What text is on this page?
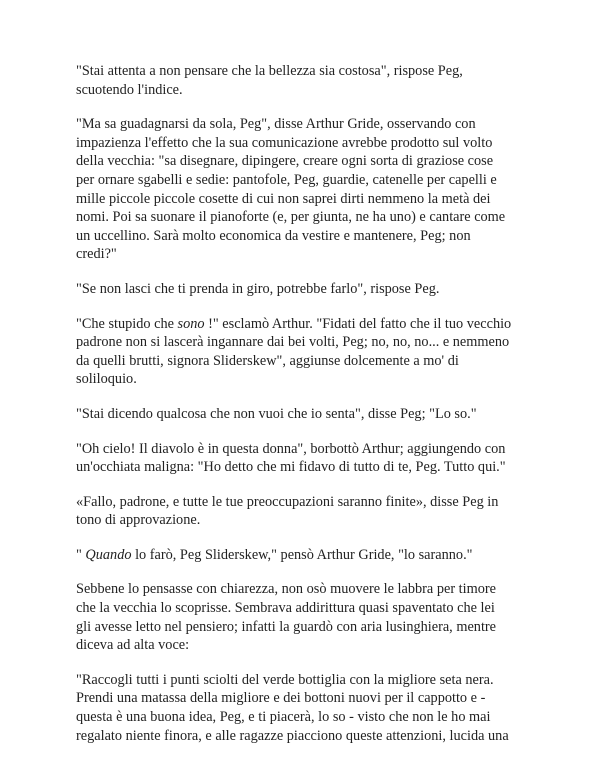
"Stai attenta a non pensare che la bellezza sia costosa", rispose Peg,
scuotendo l'indice.

"Ma sa guadagnarsi da sola, Peg", disse Arthur Gride, osservando con
impazienza l'effetto che la sua comunicazione avrebbe prodotto sul volto
della vecchia: "sa disegnare, dipingere, creare ogni sorta di graziose cose
per ornare sgabelli e sedie: pantofole, Peg, guardie, catenelle per capelli e
mille piccole piccole cosette di cui non saprei dirti nemmeno la metà dei
nomi. Poi sa suonare il pianoforte (e, per giunta, ne ha uno) e cantare come
un uccellino. Sarà molto economica da vestire e mantenere, Peg; non
credi?"

"Se non lasci che ti prenda in giro, potrebbe farlo", rispose Peg.

"Che stupido che sono !" esclamò Arthur. "Fidati del fatto che il tuo vecchio
padrone non si lascerà ingannare dai bei volti, Peg; no, no, no... e nemmeno
da quelli brutti, signora Sliderskew", aggiunse dolcemente a mo' di
soliloquio.

"Stai dicendo qualcosa che non vuoi che io senta", disse Peg; "Lo so."

"Oh cielo! Il diavolo è in questa donna", borbottò Arthur; aggiungendo con
un'occhiata maligna: "Ho detto che mi fidavo di tutto di te, Peg. Tutto qui."

«Fallo, padrone, e tutte le tue preoccupazioni saranno finite», disse Peg in
tono di approvazione.

" Quando lo farò, Peg Sliderskew," pensò Arthur Gride, "lo saranno."

Sebbene lo pensasse con chiarezza, non osò muovere le labbra per timore
che la vecchia lo scoprisse. Sembrava addirittura quasi spaventato che lei
gli avesse letto nel pensiero; infatti la guardò con aria lusinghiera, mentre
diceva ad alta voce:

"Raccogli tutti i punti sciolti del verde bottiglia con la migliore seta nera.
Prendi una matassa della migliore e dei bottoni nuovi per il cappotto e -
questa è una buona idea, Peg, e ti piacerà, lo so - visto che non le ho mai
regalato niente finora, e alle ragazze piacciono queste attenzioni, lucida una
